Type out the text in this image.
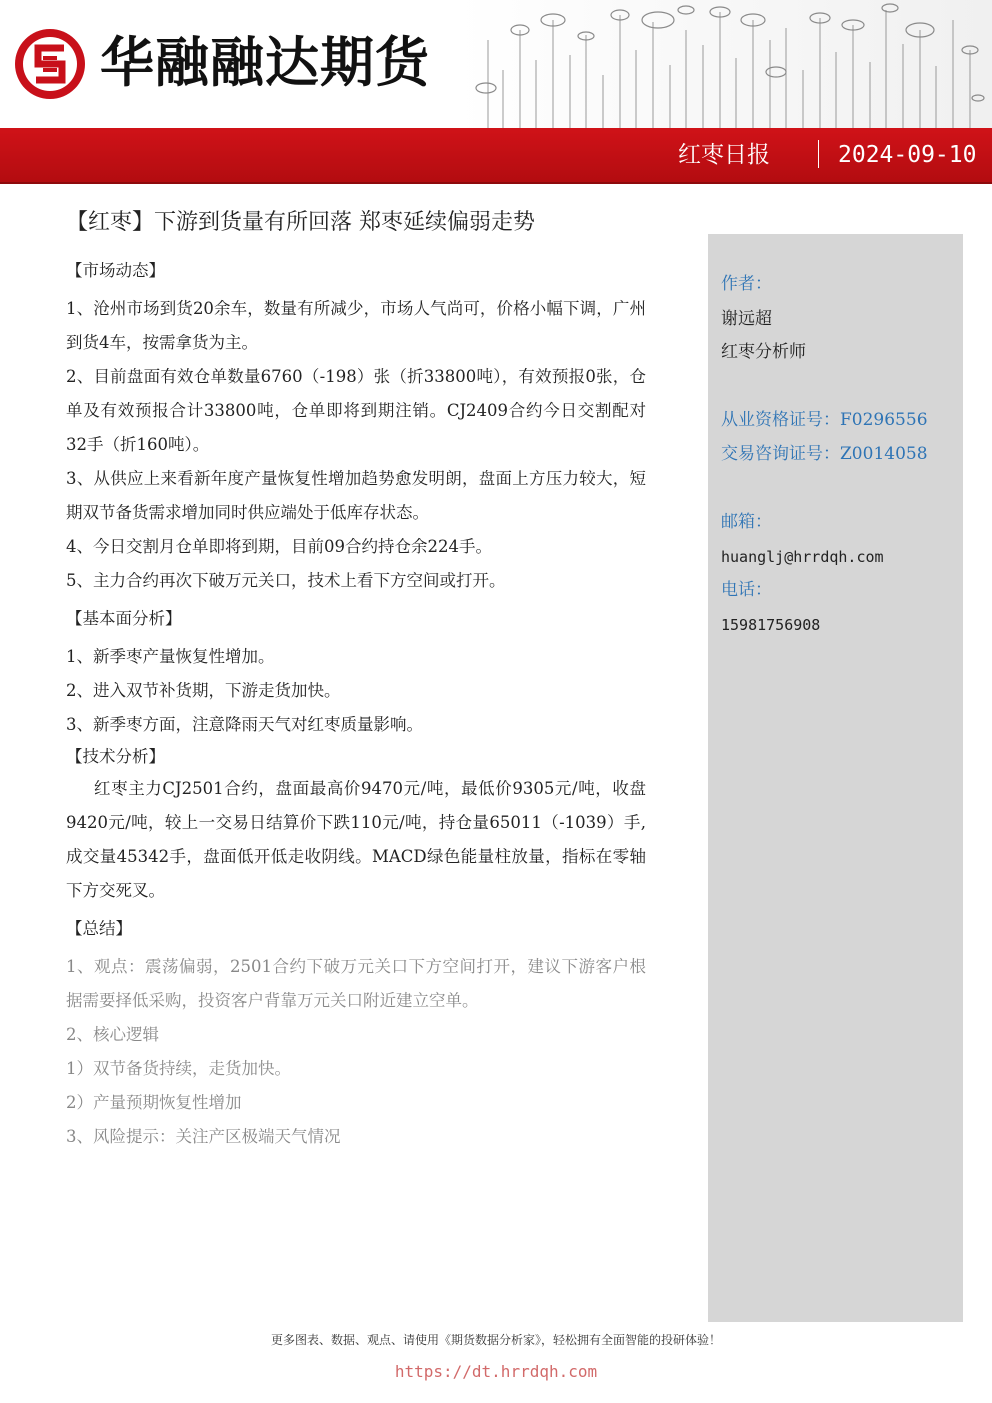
华融融达期货
红枣日报	2024-09-10
【红枣】下游到货量有所回落 郑枣延续偏弱走势

【市场动态】

1、沧州市场到货20余车，数量有所减少，市场人气尚可，价格小幅下调，广州到货4车，按需拿货为主。

2、目前盘面有效仓单数量6760（-198）张（折33800吨），有效预报0张，仓单及有效预报合计33800吨，仓单即将到期注销。CJ2409合约今日交割配对32手（折160吨）。

3、从供应上来看新年度产量恢复性增加趋势愈发明朗，盘面上方压力较大，短期双节备货需求增加同时供应端处于低库存状态。

4、今日交割月仓单即将到期，目前09合约持仓余224手。

5、主力合约再次下破万元关口，技术上看下方空间或打开。

【基本面分析】

1、新季枣产量恢复性增加。

2、进入双节补货期，下游走货加快。

3、新季枣方面，注意降雨天气对红枣质量影响。

【技术分析】

红枣主力CJ2501合约，盘面最高价9470元/吨，最低价9305元/吨，收盘9420元/吨，较上一交易日结算价下跌110元/吨，持仓量65011（-1039）手,成交量45342手，盘面低开低走收阴线。MACD绿色能量柱放量，指标在零轴下方交死叉。

【总结】

1、观点：震荡偏弱，2501合约下破万元关口下方空间打开，建议下游客户根据需要择低采购，投资客户背靠万元关口附近建立空单。

2、核心逻辑

1）双节备货持续，走货加快。

2）产量预期恢复性增加

3、风险提示：关注产区极端天气情况

作者：
谢远超
红枣分析师
从业资格证号：F0296556
交易咨询证号：Z0014058
邮箱：
huanglj@hrrdqh.com
电话：
15981756908
更多图表、数据、观点、请使用《期货数据分析家》，轻松拥有全面智能的投研体验！
https://dt.hrrdqh.com
